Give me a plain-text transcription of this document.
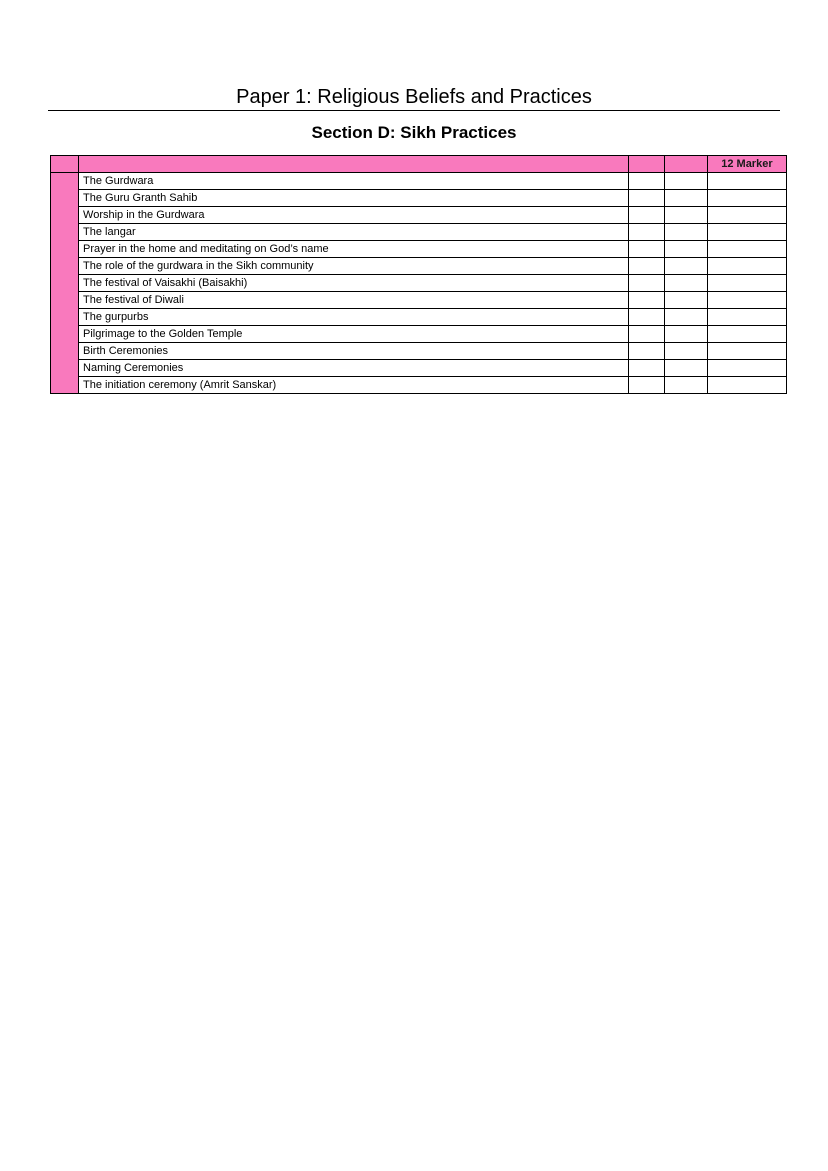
Paper 1: Religious Beliefs and Practices
Section D: Sikh Practices
				12 Marker
	The Gurdwara			
	The Guru Granth Sahib			
	Worship in the Gurdwara			
	The langar			
	Prayer in the home and meditating on God’s name			
	The role of the gurdwara in the Sikh community			
	The festival of Vaisakhi (Baisakhi)			
	The festival of Diwali			
	The gurpurbs			
	Pilgrimage to the Golden Temple			
	Birth Ceremonies			
	Naming Ceremonies			
	The initiation ceremony (Amrit Sanskar)			
